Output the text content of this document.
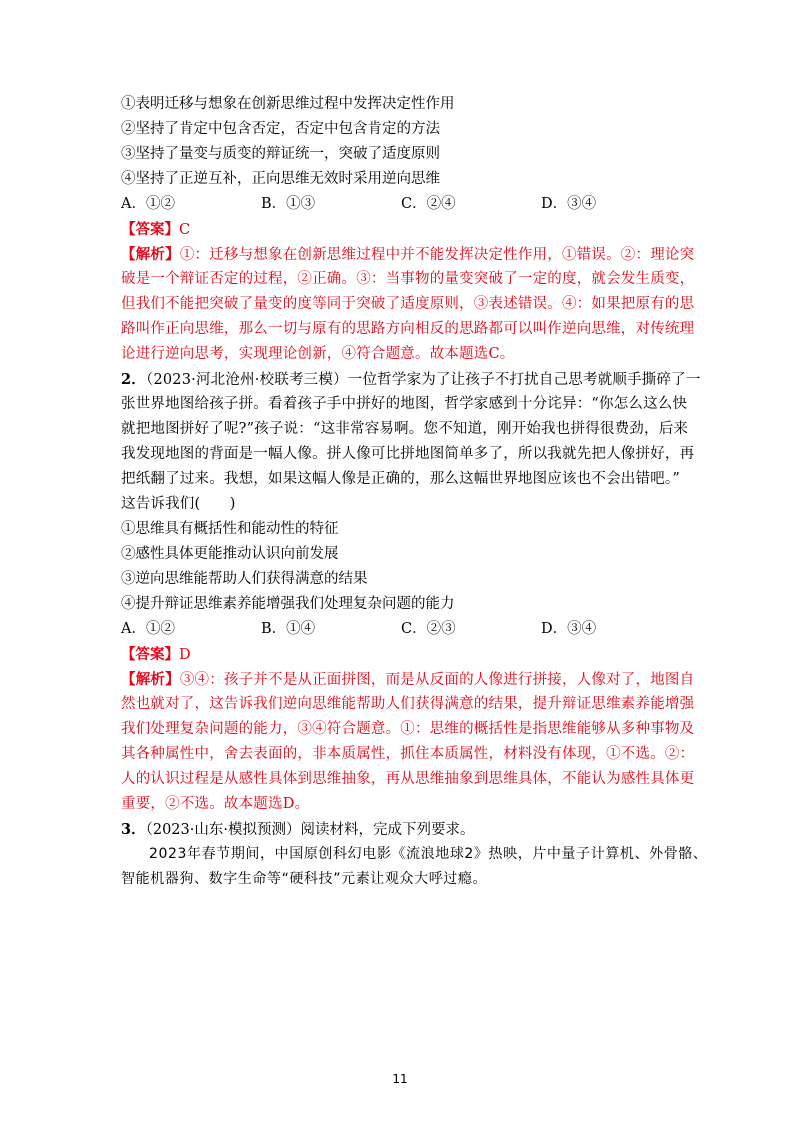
①表明迁移与想象在创新思维过程中发挥决定性作用
②坚持了肯定中包含否定，否定中包含肯定的方法
③坚持了量变与质变的辩证统一，突破了适度原则
④坚持了正逆互补，正向思维无效时采用逆向思维
A．①②	B．①③	C．②④	D．③④
【答案】C
【解析】①：迁移与想象在创新思维过程中并不能发挥决定性作用，①错误。②：理论突
破是一个辩证否定的过程，②正确。③：当事物的量变突破了一定的度，就会发生质变，
但我们不能把突破了量变的度等同于突破了适度原则，③表述错误。④：如果把原有的思
路叫作正向思维，那么一切与原有的思路方向相反的思路都可以叫作逆向思维，对传统理
论进行逆向思考，实现理论创新，④符合题意。故本题选C。
2．（2023·河北沧州·校联考三模）一位哲学家为了让孩子不打扰自己思考就顺手撕碎了一
张世界地图给孩子拼。看着孩子手中拼好的地图，哲学家感到十分诧异：“你怎么这么快
就把地图拼好了呢?”孩子说：“这非常容易啊。您不知道，刚开始我也拼得很费劲，后来
我发现地图的背面是一幅人像。拼人像可比拼地图简单多了，所以我就先把人像拼好，再
把纸翻了过来。我想，如果这幅人像是正确的，那么这幅世界地图应该也不会出错吧。”
这告诉我们(　　)
①思维具有概括性和能动性的特征
②感性具体更能推动认识向前发展
③逆向思维能帮助人们获得满意的结果
④提升辩证思维素养能增强我们处理复杂问题的能力
A．①②	B．①④	C．②③	D．③④
【答案】D
【解析】③④：孩子并不是从正面拼图，而是从反面的人像进行拼接，人像对了，地图自
然也就对了，这告诉我们逆向思维能帮助人们获得满意的结果，提升辩证思维素养能增强
我们处理复杂问题的能力，③④符合题意。①：思维的概括性是指思维能够从多种事物及
其各种属性中，舍去表面的，非本质属性，抓住本质属性，材料没有体现，①不选。②：
人的认识过程是从感性具体到思维抽象，再从思维抽象到思维具体，不能认为感性具体更
重要，②不选。故本题选D。
3．（2023·山东·模拟预测）阅读材料，完成下列要求。
2023年春节期间，中国原创科幻电影《流浪地球2》热映，片中量子计算机、外骨骼、
智能机器狗、数字生命等“硬科技”元素让观众大呼过瘾。
11
